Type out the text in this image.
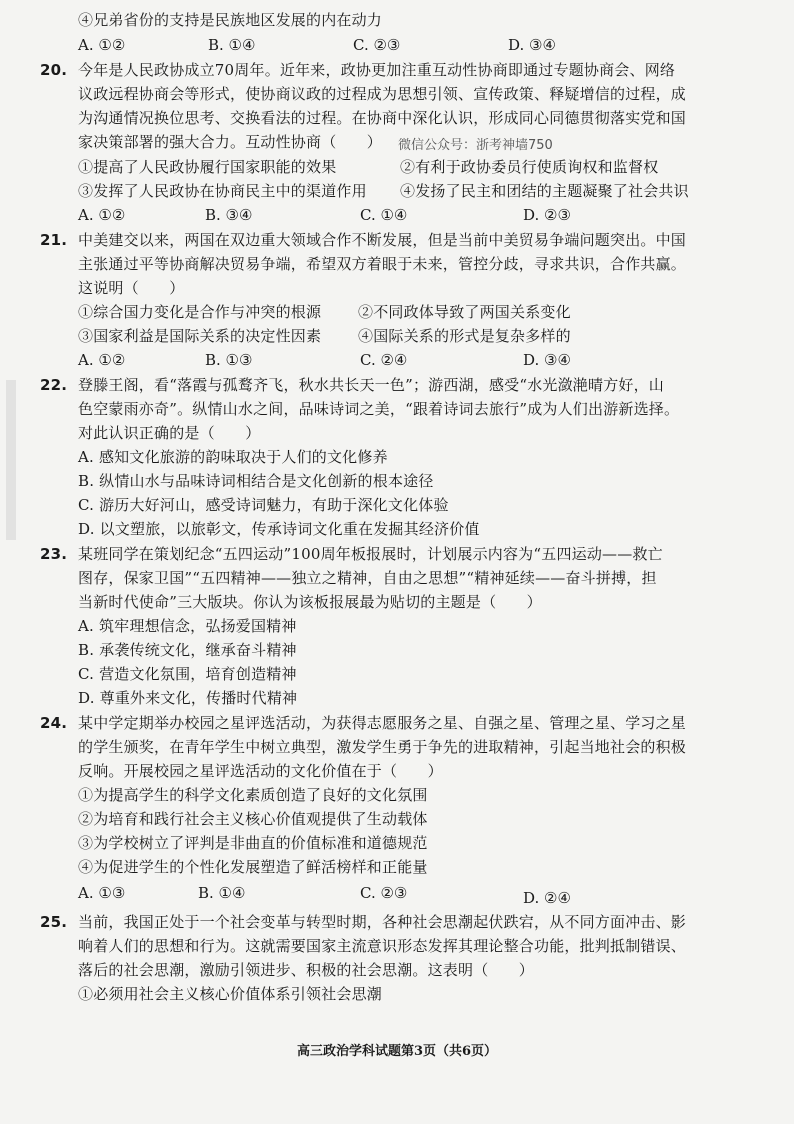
④兄弟省份的支持是民族地区发展的内在动力
A. ①②	B. ①④	C. ②③	D. ③④
20. 今年是人民政协成立70周年。近年来，政协更加注重互动性协商即通过专题协商会、网络
议政远程协商会等形式，使协商议政的过程成为思想引领、宣传政策、释疑增信的过程，成
为沟通情况换位思考、交换看法的过程。在协商中深化认识，形成同心同德贯彻落实党和国
家决策部署的强大合力。互动性协商（　　） 微信公众号：浙考神墙750
①提高了人民政协履行国家职能的效果	②有利于政协委员行使质询权和监督权
③发挥了人民政协在协商民主中的渠道作用 ④发扬了民主和团结的主题凝聚了社会共识
A. ①②	B. ③④	C. ①④	D. ②③
21. 中美建交以来，两国在双边重大领域合作不断发展，但是当前中美贸易争端问题突出。中国
主张通过平等协商解决贸易争端，希望双方着眼于未来，管控分歧，寻求共识，合作共赢。
这说明（　　）
①综合国力变化是合作与冲突的根源 ②不同政体导致了两国关系变化
③国家利益是国际关系的决定性因素 ④国际关系的形式是复杂多样的
A. ①②	B. ①③	C. ②④	D. ③④
22. 登滕王阁，看“落霞与孤鹜齐飞，秋水共长天一色”；游西湖，感受“水光潋滟晴方好，山
色空蒙雨亦奇”。纵情山水之间，品味诗词之美，“跟着诗词去旅行”成为人们出游新选择。
对此认识正确的是（　　）
A. 感知文化旅游的韵味取决于人们的文化修养
B. 纵情山水与品味诗词相结合是文化创新的根本途径
C. 游历大好河山，感受诗词魅力，有助于深化文化体验
D. 以文塑旅，以旅彰文，传承诗词文化重在发掘其经济价值
23. 某班同学在策划纪念“五四运动”100周年板报展时，计划展示内容为“五四运动——救亡
图存，保家卫国”“五四精神——独立之精神，自由之思想”“精神延续——奋斗拼搏，担
当新时代使命”三大版块。你认为该板报展最为贴切的主题是（　　）
A. 筑牢理想信念，弘扬爱国精神
B. 承袭传统文化，继承奋斗精神
C. 营造文化氛围，培育创造精神
D. 尊重外来文化，传播时代精神
24. 某中学定期举办校园之星评选活动，为获得志愿服务之星、自强之星、管理之星、学习之星
的学生颁奖，在青年学生中树立典型，激发学生勇于争先的进取精神，引起当地社会的积极
反响。开展校园之星评选活动的文化价值在于（　　）
①为提高学生的科学文化素质创造了良好的文化氛围
②为培育和践行社会主义核心价值观提供了生动载体
③为学校树立了评判是非曲直的价值标准和道德规范
④为促进学生的个性化发展塑造了鲜活榜样和正能量
A. ①③	B. ①④	C. ②③	D. ②④
25. 当前，我国正处于一个社会变革与转型时期，各种社会思潮起伏跌宕，从不同方面冲击、影
响着人们的思想和行为。这就需要国家主流意识形态发挥其理论整合功能，批判抵制错误、
落后的社会思潮，激励引领进步、积极的社会思潮。这表明（　　）
①必须用社会主义核心价值体系引领社会思潮
高三政治学科试题第3页（共6页）
